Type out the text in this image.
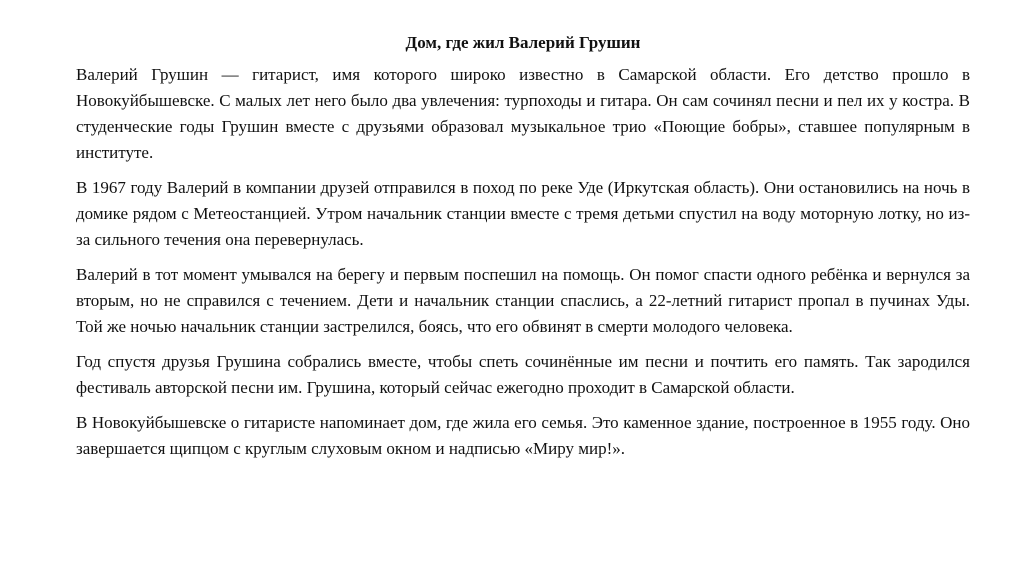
Дом, где жил Валерий Грушин

Валерий Грушин — гитарист, имя которого широко известно в Самарской области. Его детство прошло в Новокуйбышевске. С малых лет него было два увлечения: турпоходы и гитара. Он сам сочинял песни и пел их у костра. В студенческие годы Грушин вместе с друзьями образовал музыкальное трио «Поющие бобры», ставшее популярным в институте.

В 1967 году Валерий в компании друзей отправился в поход по реке Уде (Иркутская область). Они остановились на ночь в домике рядом с Метеостанцией. Утром начальник станции вместе с тремя детьми спустил на воду моторную лотку, но из-за сильного течения она перевернулась.

Валерий в тот момент умывался на берегу и первым поспешил на помощь. Он помог спасти одного ребёнка и вернулся за вторым, но не справился с течением. Дети и начальник станции спаслись, а 22-летний гитарист пропал в пучинах Уды. Той же ночью начальник станции застрелился, боясь, что его обвинят в смерти молодого человека.

Год спустя друзья Грушина собрались вместе, чтобы спеть сочинённые им песни и почтить его память. Так зародился фестиваль авторской песни им. Грушина, который сейчас ежегодно проходит в Самарской области.

В Новокуйбышевске о гитаристе напоминает дом, где жила его семья. Это каменное здание, построенное в 1955 году. Оно завершается щипцом с круглым слуховым окном и надписью «Миру мир!».
